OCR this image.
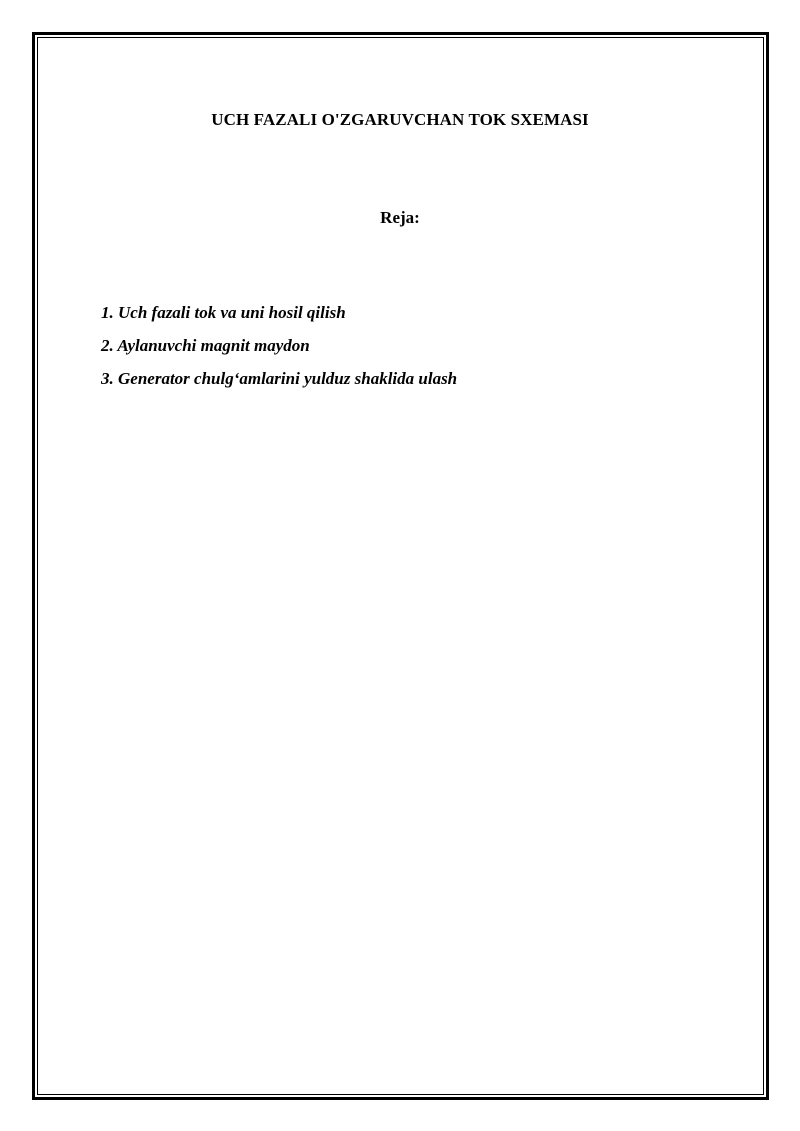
UCH FAZALI O'ZGARUVCHAN TOK SXEMASI
Reja:
1. Uch fazali tok va uni hosil qilish
2. Aylanuvchi magnit maydon
3. Generator chulg‘amlarini yulduz shaklida ulash
